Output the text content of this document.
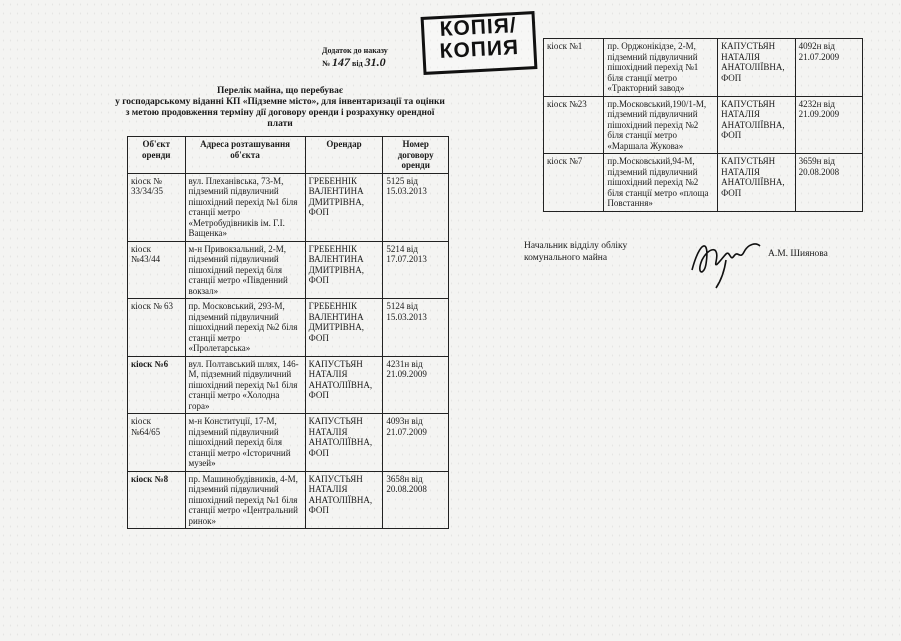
КОПІЯ/
КОПИЯ
Додаток до наказу
№ 147 від 31.0
Перелік майна, що перебуває
у господарському віданні КП «Підземне місто», для інвентаризації та оцінки
з метою продовження терміну дії договору оренди і розрахунку орендної
плати
Об'єкт оренди	Адреса розташування об'єкта	Орендар	Номер договору оренди
кіоск № 33/34/35	вул. Плеханівська, 73-М, підземний підвуличний пішохідний перехід №1 біля станції метро «Метробудівників ім. Г.І. Ващенка»	ГРЕБЕННІК ВАЛЕНТИНА ДМИТРІВНА, ФОП	5125 від 15.03.2013
кіоск №43/44	м-н Привокзальний, 2-М, підземний підвуличний пішохідний перехід біля станції метро «Південний вокзал»	ГРЕБЕННІК ВАЛЕНТИНА ДМИТРІВНА, ФОП	5214 від 17.07.2013
кіоск № 63	пр. Московський, 293-М, підземний підвуличний пішохідний перехід №2 біля станції метро «Пролетарська»	ГРЕБЕННІК ВАЛЕНТИНА ДМИТРІВНА, ФОП	5124 від 15.03.2013
кіоск №6	вул. Полтавський шлях, 146-М, підземний підвуличний пішохідний перехід №1 біля станції метро «Холодна гора»	КАПУСТЬЯН НАТАЛІЯ АНАТОЛІЇВНА, ФОП	4231н від 21.09.2009
кіоск №64/65	м-н Конституції, 17-М, підземний підвуличний пішохідний перехід біля станції метро «Історичний музей»	КАПУСТЬЯН НАТАЛІЯ АНАТОЛІЇВНА, ФОП	4093н від 21.07.2009
кіоск №8	пр. Машинобудівників, 4-М, підземний підвуличний пішохідний перехід №1 біля станції метро «Центральний ринок»	КАПУСТЬЯН НАТАЛІЯ АНАТОЛІЇВНА, ФОП	3658н від 20.08.2008
кіоск №1	пр. Орджонікідзе, 2-М, підземний підвуличний пішохідний перехід №1 біля станції метро «Тракторний завод»	КАПУСТЬЯН НАТАЛІЯ АНАТОЛІЇВНА, ФОП	4092н від 21.07.2009
кіоск №23	пр.Московський,190/1-М, підземний підвуличний пішохідний перехід №2 біля станції метро «Маршала Жукова»	КАПУСТЬЯН НАТАЛІЯ АНАТОЛІЇВНА, ФОП	4232н від 21.09.2009
кіоск №7	пр.Московський,94-М, підземний підвуличний пішохідний перехід №2 біля станції метро «площа Повстання»	КАПУСТЬЯН НАТАЛІЯ АНАТОЛІЇВНА, ФОП	3659н від 20.08.2008
Начальник відділу обліку
комунального майна	А.М. Шиянова
